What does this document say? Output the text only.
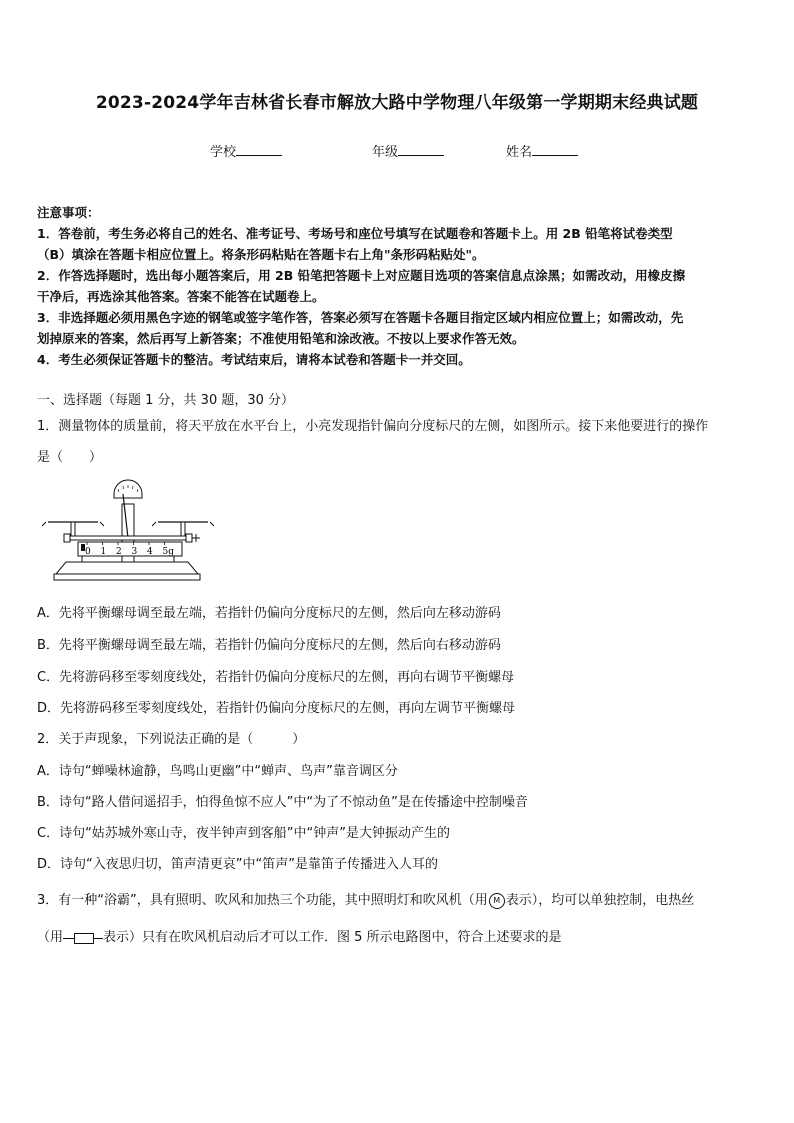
2023-2024学年吉林省长春市解放大路中学物理八年级第一学期期末经典试题
学校	年级	姓名
注意事项：
1．答卷前，考生务必将自己的姓名、准考证号、考场号和座位号填写在试题卷和答题卡上。用 2B 铅笔将试卷类型
（B）填涂在答题卡相应位置上。将条形码粘贴在答题卡右上角"条形码粘贴处"。
2．作答选择题时，选出每小题答案后，用 2B 铅笔把答题卡上对应题目选项的答案信息点涂黑；如需改动，用橡皮擦
干净后，再选涂其他答案。答案不能答在试题卷上。
3．非选择题必须用黑色字迹的钢笔或签字笔作答，答案必须写在答题卡各题目指定区域内相应位置上；如需改动，先
划掉原来的答案，然后再写上新答案；不准使用铅笔和涂改液。不按以上要求作答无效。
4．考生必须保证答题卡的整洁。考试结束后，请将本试卷和答题卡一并交回。
一、选择题（每题 1 分，共 30 题，30 分）
1．测量物体的质量前，将天平放在水平台上，小亮发现指针偏向分度标尺的左侧，如图所示。接下来他要进行的操作
是（　　）
0 1 2 3 4 5g
A．先将平衡螺母调至最左端，若指针仍偏向分度标尺的左侧，然后向左移动游码
B．先将平衡螺母调至最左端，若指针仍偏向分度标尺的左侧，然后向右移动游码
C．先将游码移至零刻度线处，若指针仍偏向分度标尺的左侧，再向右调节平衡螺母
D．先将游码移至零刻度线处，若指针仍偏向分度标尺的左侧，再向左调节平衡螺母
2．关于声现象，下列说法正确的是（　　　）
A．诗句“蝉噪林逾静，鸟鸣山更幽”中“蝉声、鸟声”靠音调区分
B．诗句“路人借问遥招手，怕得鱼惊不应人”中“为了不惊动鱼”是在传播途中控制噪音
C．诗句“姑苏城外寒山寺，夜半钟声到客船”中“钟声”是大钟振动产生的
D．诗句“入夜思归切，笛声清更哀”中“笛声”是靠笛子传播进入人耳的
3．有一种“浴霸”，具有照明、吹风和加热三个功能，其中照明灯和吹风机（用 M 表示），均可以单独控制，电热丝
（用	表示）只有在吹风机启动后才可以工作．图 5 所示电路图中，符合上述要求的是
